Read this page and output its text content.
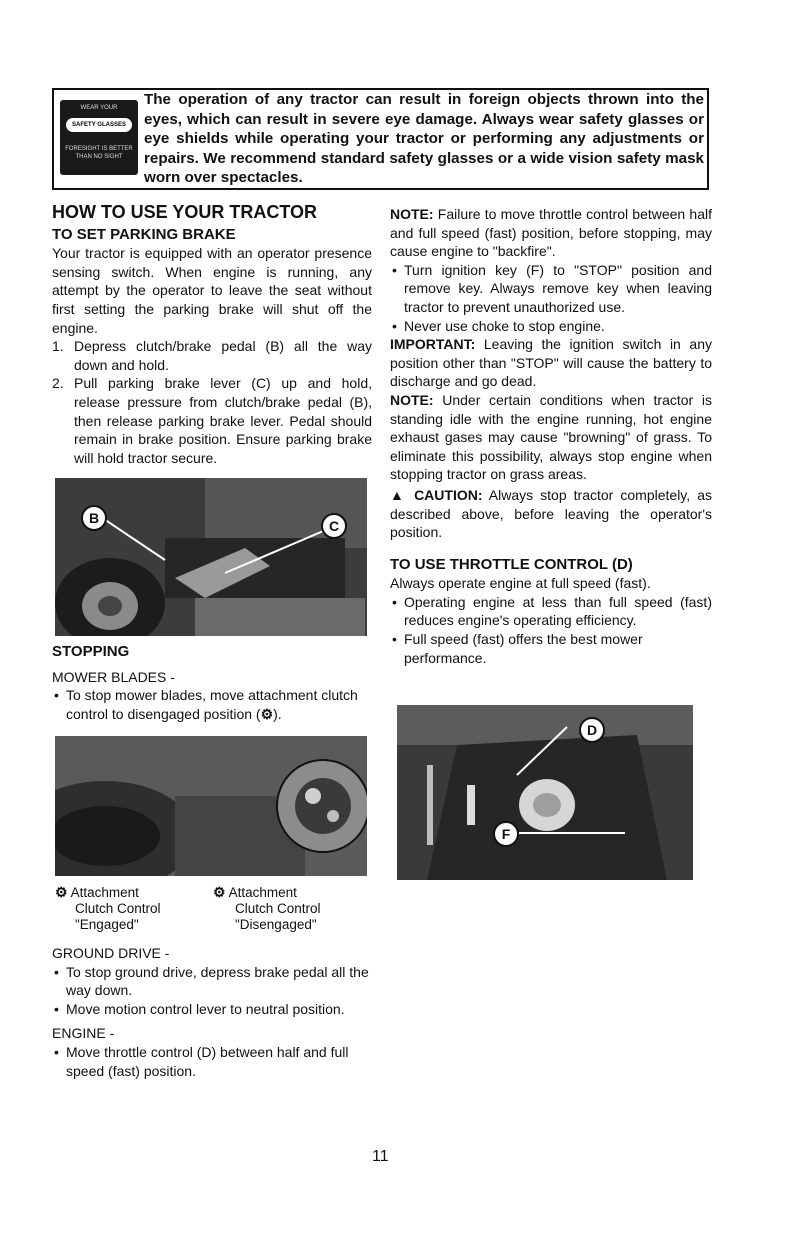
WEAR YOUR
SAFETY GLASSES
FORESIGHT IS BETTER THAN NO SIGHT
The operation of any tractor can result in foreign objects thrown into the eyes, which can result in severe eye damage. Always wear safety glasses or eye shields while operating your tractor or performing any adjustments or repairs. We recommend standard safety glasses or a wide vision safety mask worn over spectacles.
HOW TO USE YOUR TRACTOR
TO SET PARKING BRAKE

Your tractor is equipped with an operator presence sensing switch. When engine is running, any attempt by the operator to leave the seat without first setting the parking brake will shut off the engine.

1. Depress clutch/brake pedal (B) all the way down and hold.
2. Pull parking brake lever (C) up and hold, release pressure from clutch/brake pedal (B), then release parking brake lever. Pedal should remain in brake position. Ensure parking brake will hold tractor secure.
B	C
STOPPING

MOWER BLADES -

• To stop mower blades, move attachment clutch control to disengaged position (⚙).
⚙ Attachment
Clutch Control
"Engaged"
⚙ Attachment
Clutch Control
"Disengaged"

GROUND DRIVE -

• To stop ground drive, depress brake pedal all the way down.
• Move motion control lever to neutral position.

ENGINE -

• Move throttle control (D) between half and full speed (fast) position.

NOTE: Failure to move throttle control between half and full speed (fast) position, before stopping, may cause engine to "backfire".

• Turn ignition key (F) to "STOP" position and remove key. Always remove key when leaving tractor to prevent unauthorized use.
• Never use choke to stop engine.

IMPORTANT: Leaving the ignition switch in any position other than "STOP" will cause the battery to discharge and go dead.

NOTE: Under certain conditions when tractor is standing idle with the engine running, hot engine exhaust gases may cause "browning" of grass. To eliminate this possibility, always stop engine when stopping tractor on grass areas.

▲ CAUTION: Always stop tractor completely, as described above, before leaving the operator's position.

TO USE THROTTLE CONTROL (D)

Always operate engine at full speed (fast).

• Operating engine at less than full speed (fast) reduces engine's operating efficiency.
• Full speed (fast) offers the best mower performance.
D
F
11
